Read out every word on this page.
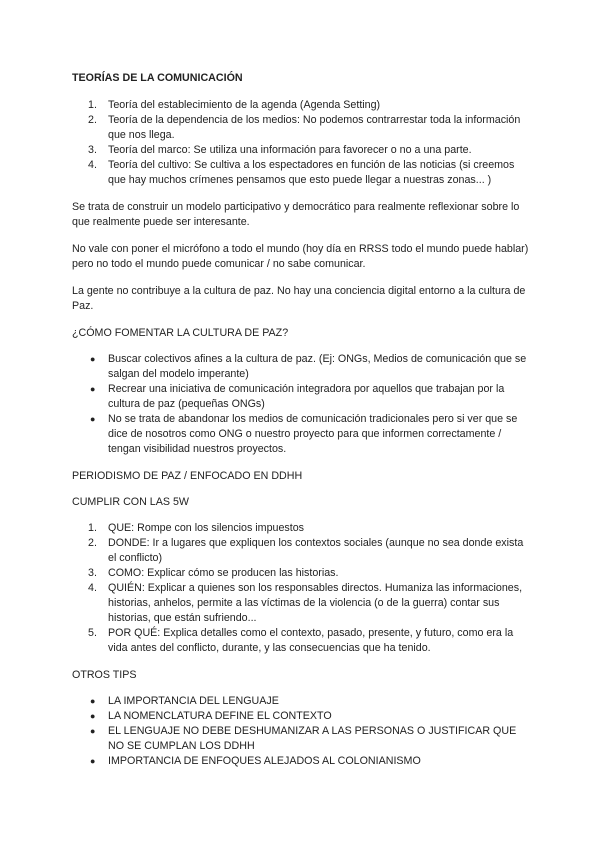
TEORÍAS DE LA COMUNICACIÓN
1.	Teoría del establecimiento de la agenda (Agenda Setting)
2.	Teoría de la dependencia de los medios: No podemos contrarrestar toda la información que nos llega.
3.	Teoría del marco: Se utiliza una información para favorecer o no a una parte.
4.	Teoría del cultivo: Se cultiva a los espectadores en función de las noticias (si creemos que hay muchos crímenes pensamos que esto puede llegar a nuestras zonas... )

Se trata de construir un modelo participativo y democrático para realmente reflexionar sobre lo que realmente puede ser interesante.

No vale con poner el micrófono a todo el mundo (hoy día en RRSS todo el mundo puede hablar) pero no todo el mundo puede comunicar / no sabe comunicar.

La gente no contribuye a la cultura de paz. No hay una conciencia digital entorno a la cultura de Paz.

¿CÓMO FOMENTAR LA CULTURA DE PAZ?

● Buscar colectivos afines a la cultura de paz. (Ej: ONGs, Medios de comunicación que se salgan del modelo imperante)
● Recrear una iniciativa de comunicación integradora por aquellos que trabajan por la cultura de paz (pequeñas ONGs)
● No se trata de abandonar los medios de comunicación tradicionales pero si ver que se dice de nosotros como ONG o nuestro proyecto para que informen correctamente / tengan visibilidad nuestros proyectos.

PERIODISMO DE PAZ / ENFOCADO EN DDHH

CUMPLIR CON LAS 5W

1.	QUE: Rompe con los silencios impuestos
2.	DONDE: Ir a lugares que expliquen los contextos sociales (aunque no sea donde exista el conflicto)
3.	COMO: Explicar cómo se producen las historias.
4.	QUIÉN: Explicar a quienes son los responsables directos. Humaniza las informaciones, historias, anhelos, permite a las víctimas de la violencia (o de la guerra) contar sus historias, que están sufriendo...
5.	POR QUÉ: Explica detalles como el contexto, pasado, presente, y futuro, como era la vida antes del conflicto, durante, y las consecuencias que ha tenido.

OTROS TIPS

● LA IMPORTANCIA DEL LENGUAJE
● LA NOMENCLATURA DEFINE EL CONTEXTO
● EL LENGUAJE NO DEBE DESHUMANIZAR A LAS PERSONAS O JUSTIFICAR QUE NO SE CUMPLAN LOS DDHH
● IMPORTANCIA DE ENFOQUES ALEJADOS AL COLONIANISMO
